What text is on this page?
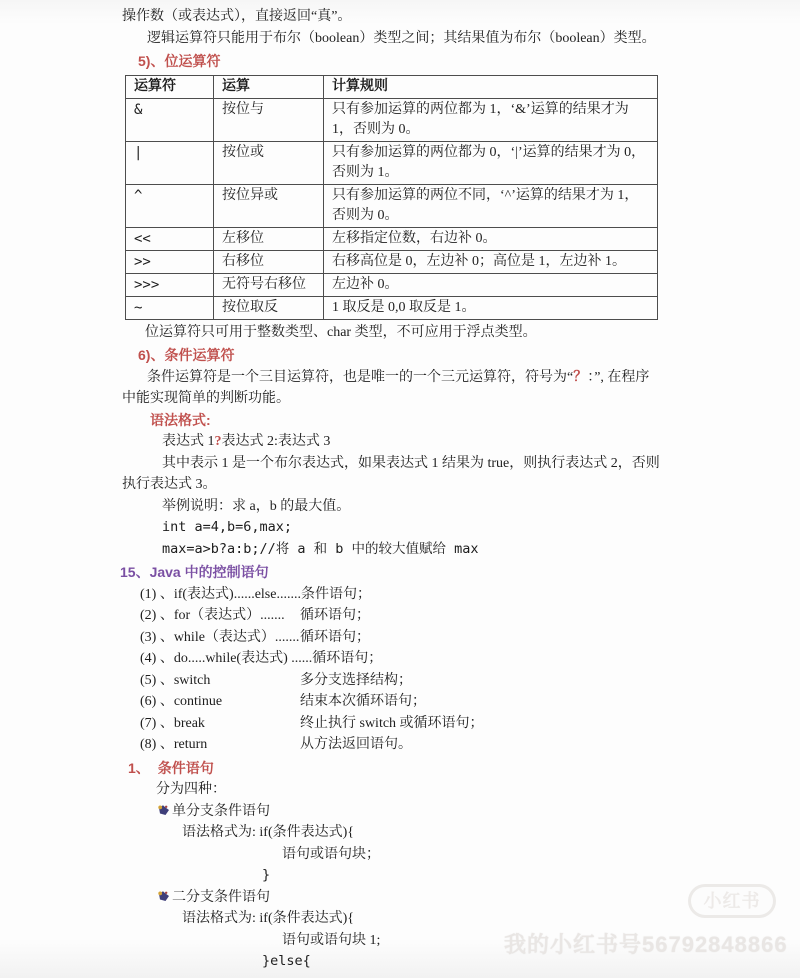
操作数（或表达式），直接返回“真”。
逻辑运算符只能用于布尔（boolean）类型之间；其结果值为布尔（boolean）类型。
5)、位运算符
运算符	运算	计算规则
&	按位与	只有参加运算的两位都为 1，‘&’运算的结果才为 1，否则为 0。
|	按位或	只有参加运算的两位都为 0，‘|’运算的结果才为 0，否则为 1。
^	按位异或	只有参加运算的两位不同，‘^’运算的结果才为 1，否则为 0。
<<	左移位	左移指定位数，右边补 0。
>>	右移位	右移高位是 0，左边补 0；高位是 1，左边补 1。
>>>	无符号右移位	左边补 0。
~	按位取反	1 取反是 0,0 取反是 1。
位运算符只可用于整数类型、char 类型，不可应用于浮点类型。
6)、条件运算符
条件运算符是一个三目运算符，也是唯一的一个三元运算符，符号为“？：”, 在程序
中能实现简单的判断功能。
语法格式:
表达式 1?表达式 2:表达式 3
其中表示 1 是一个布尔表达式，如果表达式 1 结果为 true，则执行表达式 2，否则
执行表达式 3。
举例说明：求 a，b 的最大值。
int a=4,b=6,max;
max=a>b?a:b;//将 a 和 b 中的较大值赋给 max
15、Java 中的控制语句
(1) 、if(表达式)......else....... 条件语句；
(2) 、for（表达式）.......	循环语句；
(3) 、while（表达式）....... 循环语句；
(4) 、do.....while(表达式) ...... 循环语句；
(5) 、switch	多分支选择结构；
(6) 、continue	结束本次循环语句；
(7) 、break	终止执行 switch 或循环语句；
(8) 、return	从方法返回语句。
1、 条件语句
分为四种：
单分支条件语句
语法格式为: if(条件表达式){
语句或语句块；
}
二分支条件语句
语法格式为: if(条件表达式){
语句或语句块 1;
}else{
小红书
我的小红书号56792848866
